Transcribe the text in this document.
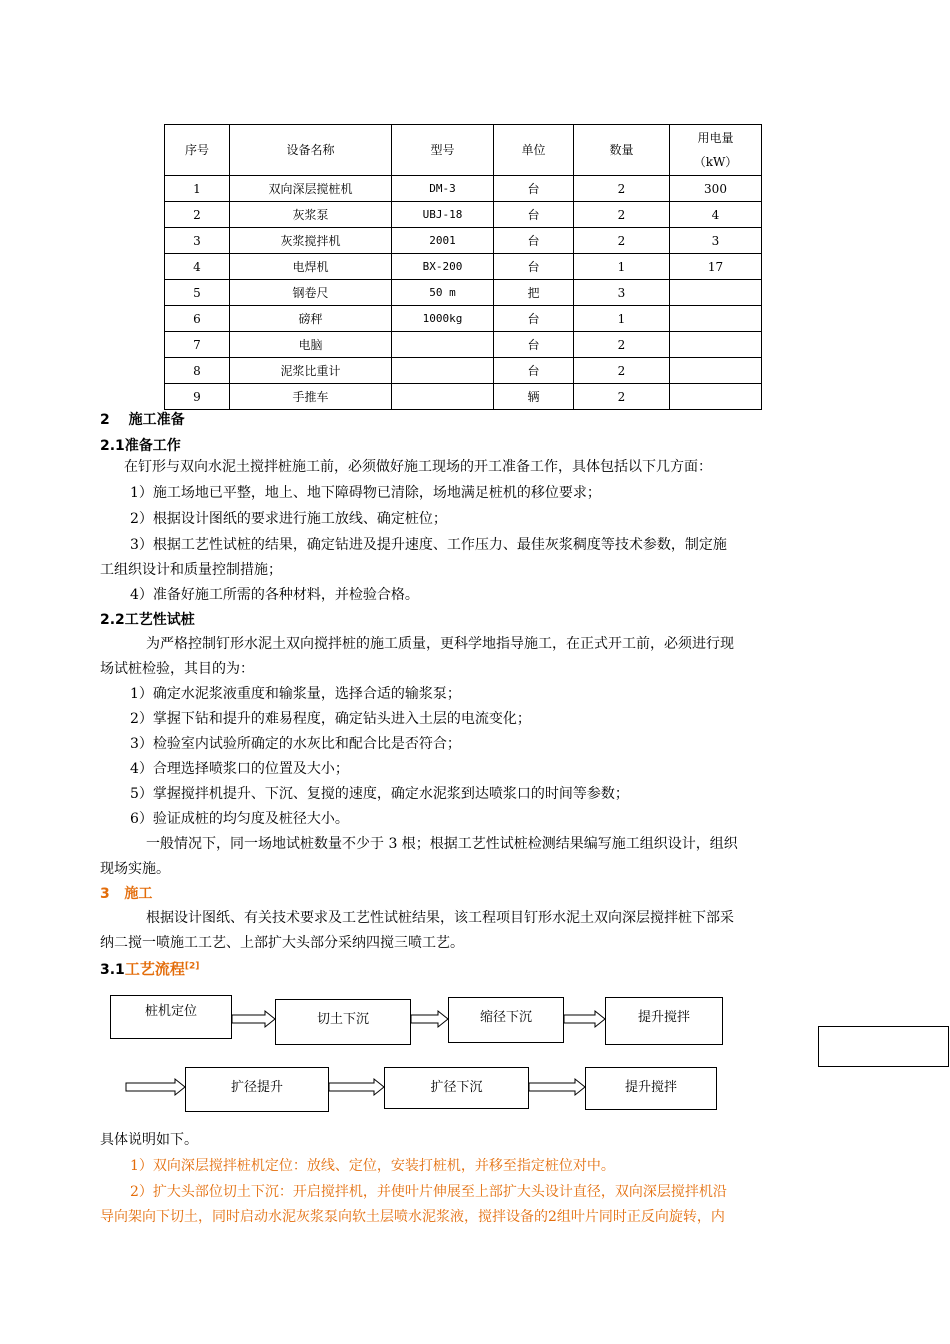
序号	设备名称	型号	单位	数量	用电量
（kW）
1	双向深层搅桩机	DM-3	台	2	300
2	灰浆泵	UBJ-18	台	2	4
3	灰浆搅拌机	2001	台	2	3
4	电焊机	BX-200	台	1	17
5	钢卷尺	50 m	把	3	
6	磅秤	1000kg	台	1	
7	电脑		台	2	
8	泥浆比重计		台	2	
9	手推车		辆	2	
2　 施工准备
2.1准备工作
在钉形与双向水泥土搅拌桩施工前，必须做好施工现场的开工准备工作，具体包括以下几方面：
1）施工场地已平整，地上、地下障碍物已清除，场地满足桩机的移位要求；
2）根据设计图纸的要求进行施工放线、确定桩位；
3）根据工艺性试桩的结果，确定钻进及提升速度、工作压力、最佳灰浆稠度等技术参数，制定施
工组织设计和质量控制措施；
4）准备好施工所需的各种材料，并检验合格。
2.2工艺性试桩
为严格控制钉形水泥土双向搅拌桩的施工质量，更科学地指导施工，在正式开工前，必须进行现
场试桩检验，其目的为：
1）确定水泥浆液重度和输浆量，选择合适的输浆泵；
2）掌握下钻和提升的难易程度，确定钻头进入土层的电流变化；
3）检验室内试验所确定的水灰比和配合比是否符合；
4）合理选择喷浆口的位置及大小；
5）掌握搅拌机提升、下沉、复搅的速度，确定水泥浆到达喷浆口的时间等参数；
6）验证成桩的均匀度及桩径大小。
一般情况下，同一场地试桩数量不少于 3 根；根据工艺性试桩检测结果编写施工组织设计，组织
现场实施。
3 施工
根据设计图纸、有关技术要求及工艺性试桩结果，该工程项目钉形水泥土双向深层搅拌桩下部采
纳二搅一喷施工工艺、上部扩大头部分采纳四搅三喷工艺。
3.1工艺流程[2]
桩机定位
切土下沉	缩径下沉	提升搅拌
扩径提升	扩径下沉	提升搅拌
具体说明如下。
1）双向深层搅拌桩机定位：放线、定位，安装打桩机，并移至指定桩位对中。
2）扩大头部位切土下沉：开启搅拌机，并使叶片伸展至上部扩大头设计直径，双向深层搅拌机沿
导向架向下切土，同时启动水泥灰浆泵向软土层喷水泥浆液，搅拌设备的2组叶片同时正反向旋转，内
